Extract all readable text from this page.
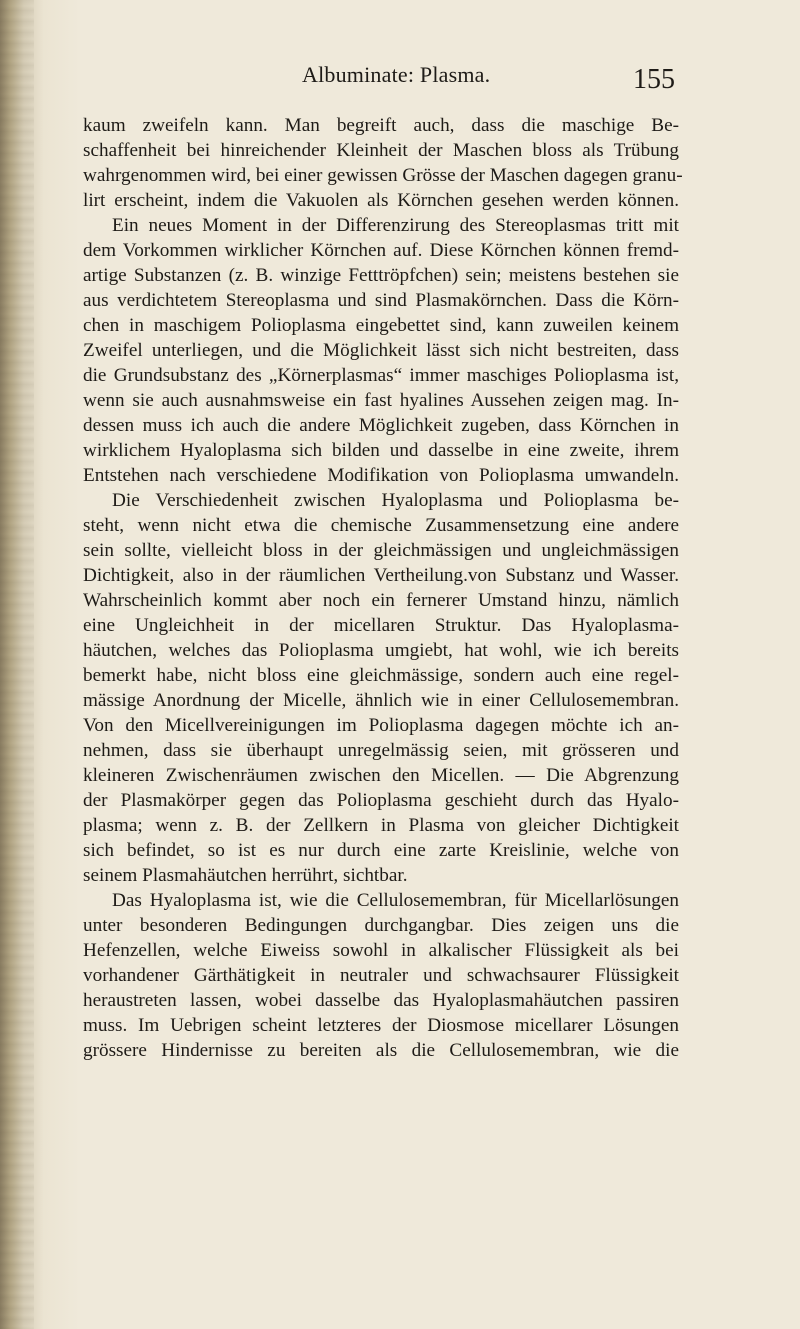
Albuminate: Plasma.	155
kaum zweifeln kann. Man begreift auch, dass die maschige Be-
schaffenheit bei hinreichender Kleinheit der Maschen bloss als Trübung
wahrgenommen wird, bei einer gewissen Grösse der Maschen dagegen granu-
lirt erscheint, indem die Vakuolen als Körnchen gesehen werden können.
Ein neues Moment in der Differenzirung des Stereoplasmas tritt mit
dem Vorkommen wirklicher Körnchen auf. Diese Körnchen können fremd-
artige Substanzen (z. B. winzige Fetttröpfchen) sein; meistens bestehen sie
aus verdichtetem Stereoplasma und sind Plasmakörnchen. Dass die Körn-
chen in maschigem Polioplasma eingebettet sind, kann zuweilen keinem
Zweifel unterliegen, und die Möglichkeit lässt sich nicht bestreiten, dass
die Grundsubstanz des „Körnerplasmas“ immer maschiges Polioplasma ist,
wenn sie auch ausnahmsweise ein fast hyalines Aussehen zeigen mag. In-
dessen muss ich auch die andere Möglichkeit zugeben, dass Körnchen in
wirklichem Hyaloplasma sich bilden und dasselbe in eine zweite, ihrem
Entstehen nach verschiedene Modifikation von Polioplasma umwandeln.
Die Verschiedenheit zwischen Hyaloplasma und Polioplasma be-
steht, wenn nicht etwa die chemische Zusammensetzung eine andere
sein sollte, vielleicht bloss in der gleichmässigen und ungleichmässigen
Dichtigkeit, also in der räumlichen Vertheilung.von Substanz und Wasser.
Wahrscheinlich kommt aber noch ein fernerer Umstand hinzu, nämlich
eine Ungleichheit in der micellaren Struktur. Das Hyaloplasma-
häutchen, welches das Polioplasma umgiebt, hat wohl, wie ich bereits
bemerkt habe, nicht bloss eine gleichmässige, sondern auch eine regel-
mässige Anordnung der Micelle, ähnlich wie in einer Cellulosemembran.
Von den Micellvereinigungen im Polioplasma dagegen möchte ich an-
nehmen, dass sie überhaupt unregelmässig seien, mit grösseren und
kleineren Zwischenräumen zwischen den Micellen. — Die Abgrenzung
der Plasmakörper gegen das Polioplasma geschieht durch das Hyalo-
plasma; wenn z. B. der Zellkern in Plasma von gleicher Dichtigkeit
sich befindet, so ist es nur durch eine zarte Kreislinie, welche von
seinem Plasmahäutchen herrührt, sichtbar.
Das Hyaloplasma ist, wie die Cellulosemembran, für Micellarlösungen
unter besonderen Bedingungen durchgangbar. Dies zeigen uns die
Hefenzellen, welche Eiweiss sowohl in alkalischer Flüssigkeit als bei
vorhandener Gärthätigkeit in neutraler und schwachsaurer Flüssigkeit
heraustreten lassen, wobei dasselbe das Hyaloplasmahäutchen passiren
muss. Im Uebrigen scheint letzteres der Diosmose micellarer Lösungen
grössere Hindernisse zu bereiten als die Cellulosemembran, wie die
